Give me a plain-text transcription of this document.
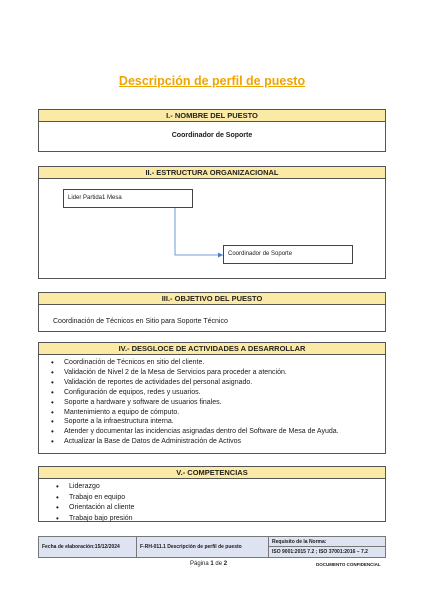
Descripción de perfil de puesto
I.- NOMBRE DEL PUESTO
Coordinador de Soporte
II.- ESTRUCTURA ORGANIZACIONAL
Lider Partida1 Mesa
Coordinador de Soporte
III.- OBJETIVO DEL PUESTO
Coordinación de Técnicos en Sitio para Soporte Técnico
IV.- DESGLOCE DE ACTIVIDADES A DESARROLLAR
• Coordinación de Técnicos en sitio del cliente.
• Validación de Nivel 2 de la Mesa de Servicios para proceder a atención.
• Validación de reportes de actividades del personal asignado.
• Configuración de equipos, redes y usuarios.
• Soporte a hardware y software de usuarios finales.
• Mantenimiento a equipo de cómputo.
• Soporte a la infraestructura interna.
• Atender y documentar las incidencias asignadas dentro del Software de Mesa de Ayuda.
• Actualizar la Base de Datos de Administración de Activos
V.- COMPETENCIAS
• Liderazgo
• Trabajo en equipo
• Orientación al cliente
• Trabajo bajo presión
Fecha de elaboración:15/12/2024	F-RH-011.1 Descripción de perfil de puesto
Requisito de la Norma:
ISO 9001:2015 7.2 ; ISO 37001:2016 – 7.2
Página 1 de 2	DOCUMENTO CONFIDENCIAL
